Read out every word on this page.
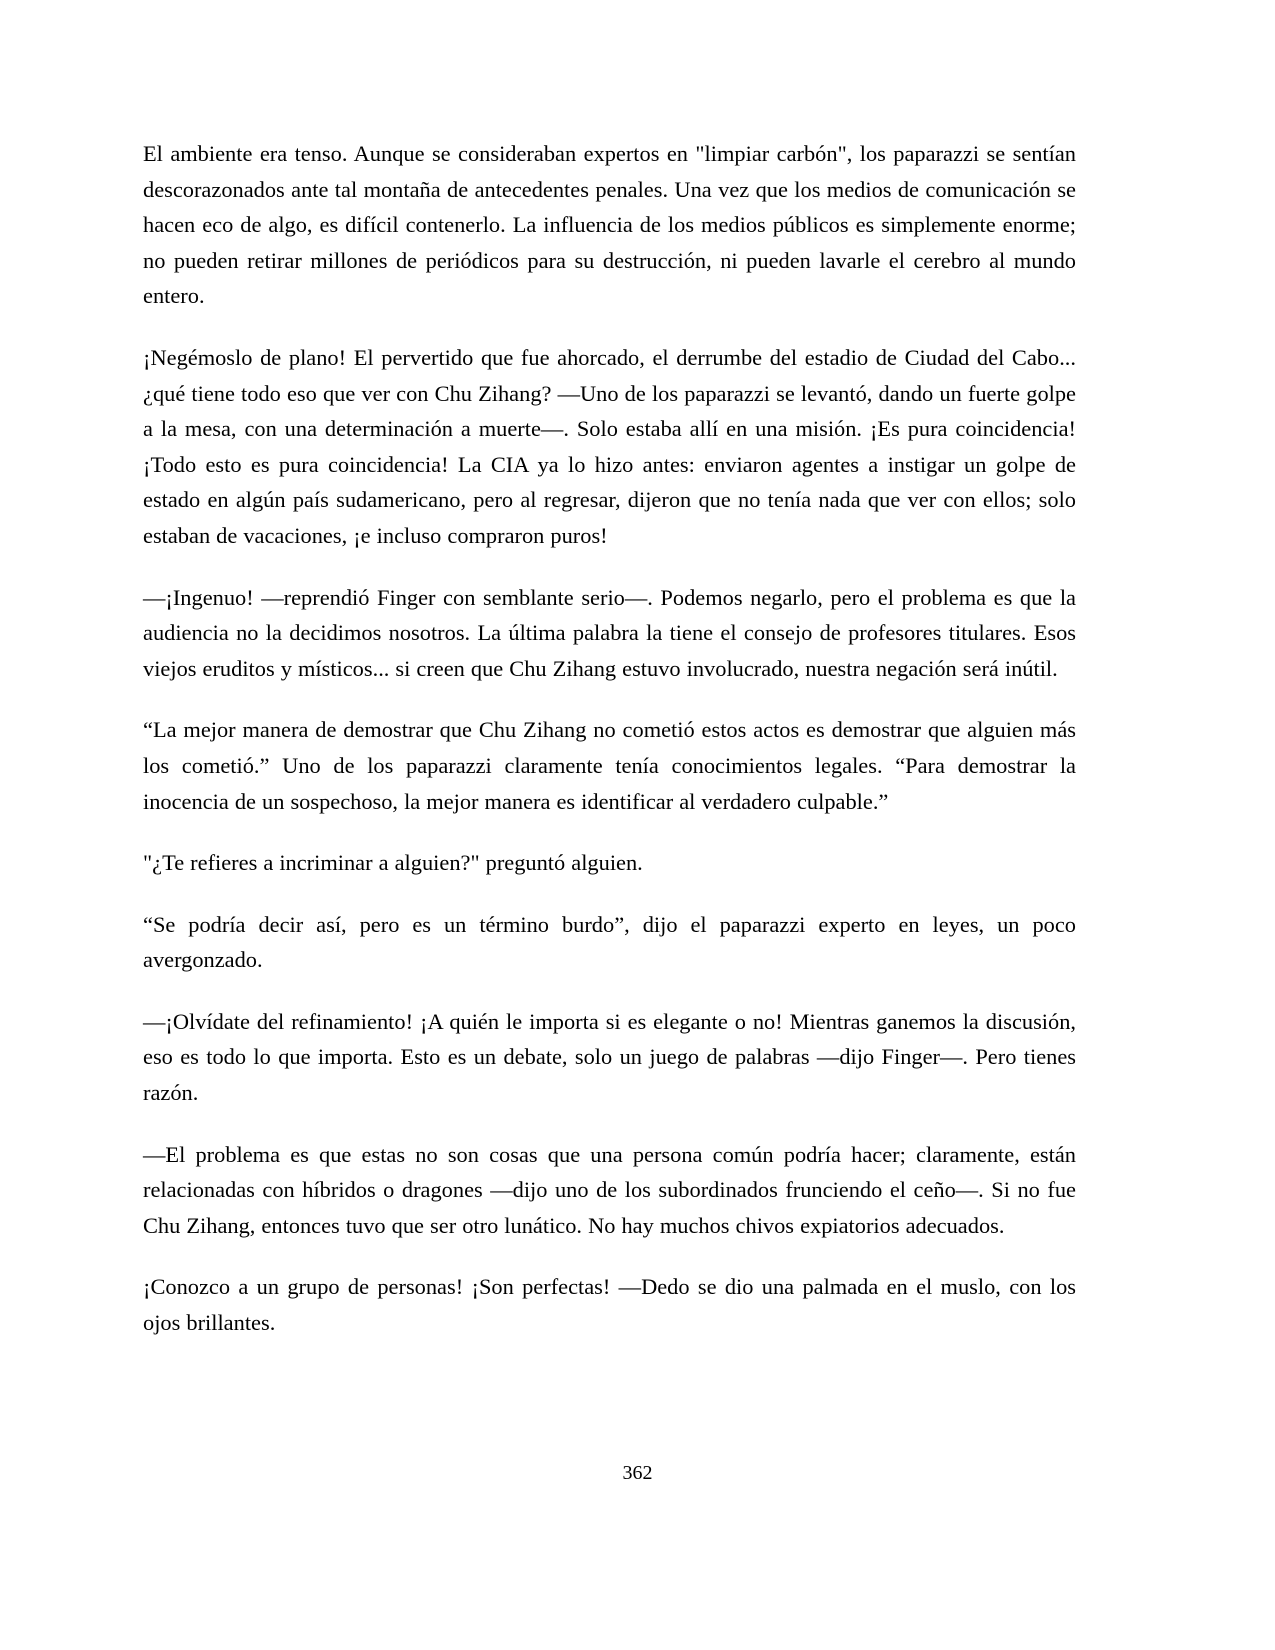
El ambiente era tenso. Aunque se consideraban expertos en "limpiar carbón", los paparazzi se sentían descorazonados ante tal montaña de antecedentes penales. Una vez que los medios de comunicación se hacen eco de algo, es difícil contenerlo. La influencia de los medios públicos es simplemente enorme; no pueden retirar millones de periódicos para su destrucción, ni pueden lavarle el cerebro al mundo entero.

¡Negémoslo de plano! El pervertido que fue ahorcado, el derrumbe del estadio de Ciudad del Cabo... ¿qué tiene todo eso que ver con Chu Zihang? —Uno de los paparazzi se levantó, dando un fuerte golpe a la mesa, con una determinación a muerte—. Solo estaba allí en una misión. ¡Es pura coincidencia! ¡Todo esto es pura coincidencia! La CIA ya lo hizo antes: enviaron agentes a instigar un golpe de estado en algún país sudamericano, pero al regresar, dijeron que no tenía nada que ver con ellos; solo estaban de vacaciones, ¡e incluso compraron puros!

—¡Ingenuo! —reprendió Finger con semblante serio—. Podemos negarlo, pero el problema es que la audiencia no la decidimos nosotros. La última palabra la tiene el consejo de profesores titulares. Esos viejos eruditos y místicos... si creen que Chu Zihang estuvo involucrado, nuestra negación será inútil.

“La mejor manera de demostrar que Chu Zihang no cometió estos actos es demostrar que alguien más los cometió.” Uno de los paparazzi claramente tenía conocimientos legales. “Para demostrar la inocencia de un sospechoso, la mejor manera es identificar al verdadero culpable.”

"¿Te refieres a incriminar a alguien?" preguntó alguien.

“Se podría decir así, pero es un término burdo”, dijo el paparazzi experto en leyes, un poco avergonzado.

—¡Olvídate del refinamiento! ¡A quién le importa si es elegante o no! Mientras ganemos la discusión, eso es todo lo que importa. Esto es un debate, solo un juego de palabras —dijo Finger—. Pero tienes razón.

—El problema es que estas no son cosas que una persona común podría hacer; claramente, están relacionadas con híbridos o dragones —dijo uno de los subordinados frunciendo el ceño—. Si no fue Chu Zihang, entonces tuvo que ser otro lunático. No hay muchos chivos expiatorios adecuados.

¡Conozco a un grupo de personas! ¡Son perfectas! —Dedo se dio una palmada en el muslo, con los ojos brillantes.

362
